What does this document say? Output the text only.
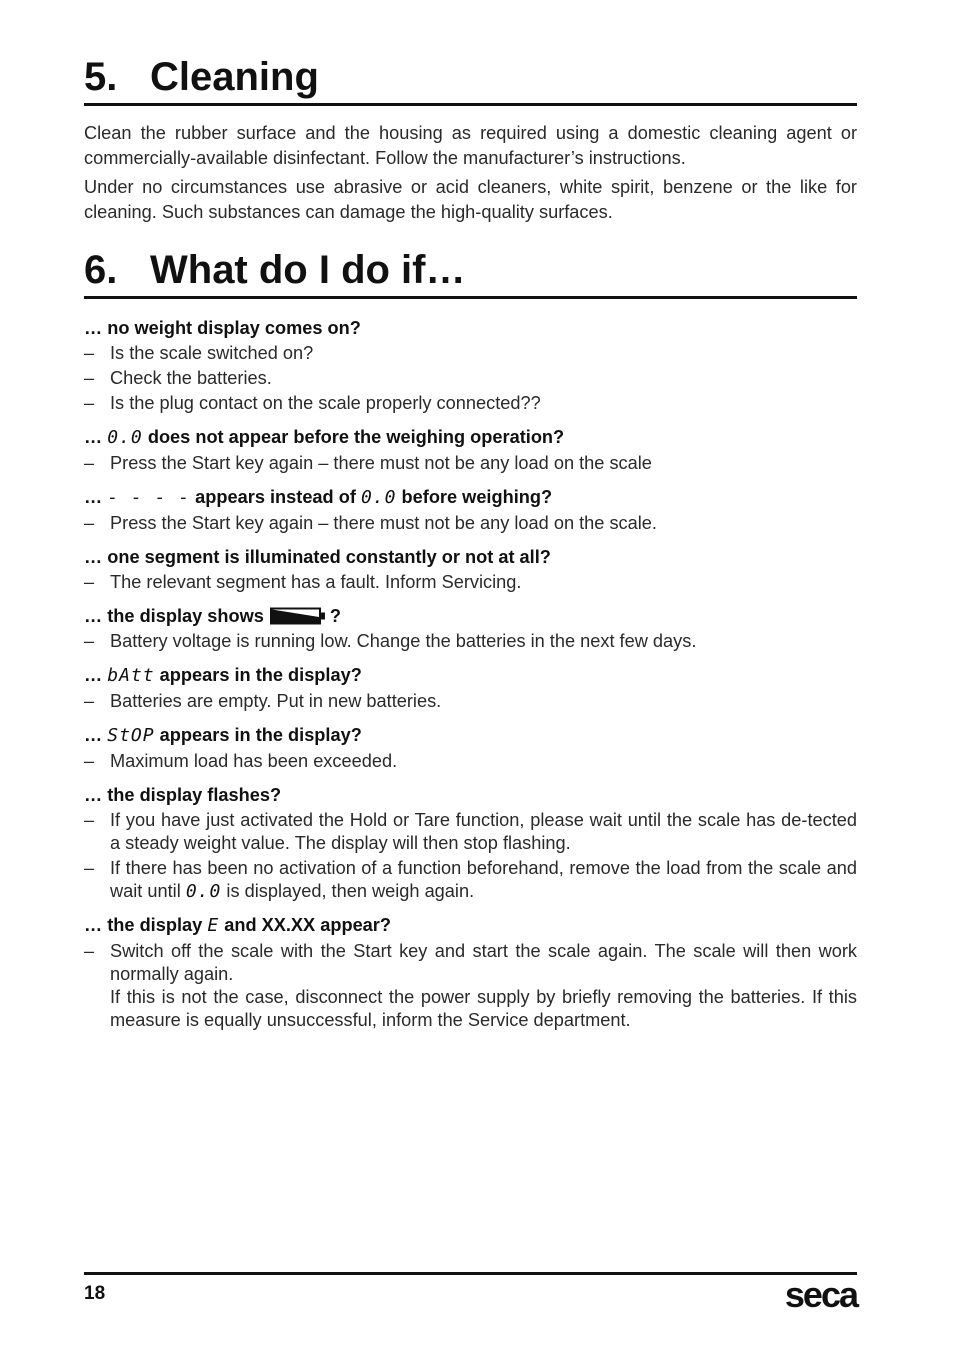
5. Cleaning

Clean the rubber surface and the housing as required using a domestic cleaning agent or commercially-available disinfectant. Follow the manufacturer’s instructions.

Under no circumstances use abrasive or acid cleaners, white spirit, benzene or the like for cleaning. Such substances can damage the high-quality surfaces.

6. What do I do if…
… no weight display comes on?
– Is the scale switched on?
– Check the batteries.
– Is the plug contact on the scale properly connected??
… 0.0 does not appear before the weighing operation?
– Press the Start key again – there must not be any load on the scale
… - - - - appears instead of 0.0 before weighing?
– Press the Start key again – there must not be any load on the scale.
… one segment is illuminated constantly or not at all?
– The relevant segment has a fault. Inform Servicing.
… the display shows	?
– Battery voltage is running low. Change the batteries in the next few days.
… bAtt appears in the display?
– Batteries are empty. Put in new batteries.
… StOP appears in the display?
– Maximum load has been exceeded.
… the display flashes?
– If you have just activated the Hold or Tare function, please wait until the scale has de-tected a steady weight value. The display will then stop flashing.
– If there has been no activation of a function beforehand, remove the load from the scale and wait until 0.0 is displayed, then weigh again.
… the display E and XX.XX appear?
– Switch off the scale with the Start key and start the scale again. The scale will then work normally again.
If this is not the case, disconnect the power supply by briefly removing the batteries. If this measure is equally unsuccessful, inform the Service department.
18	seca
